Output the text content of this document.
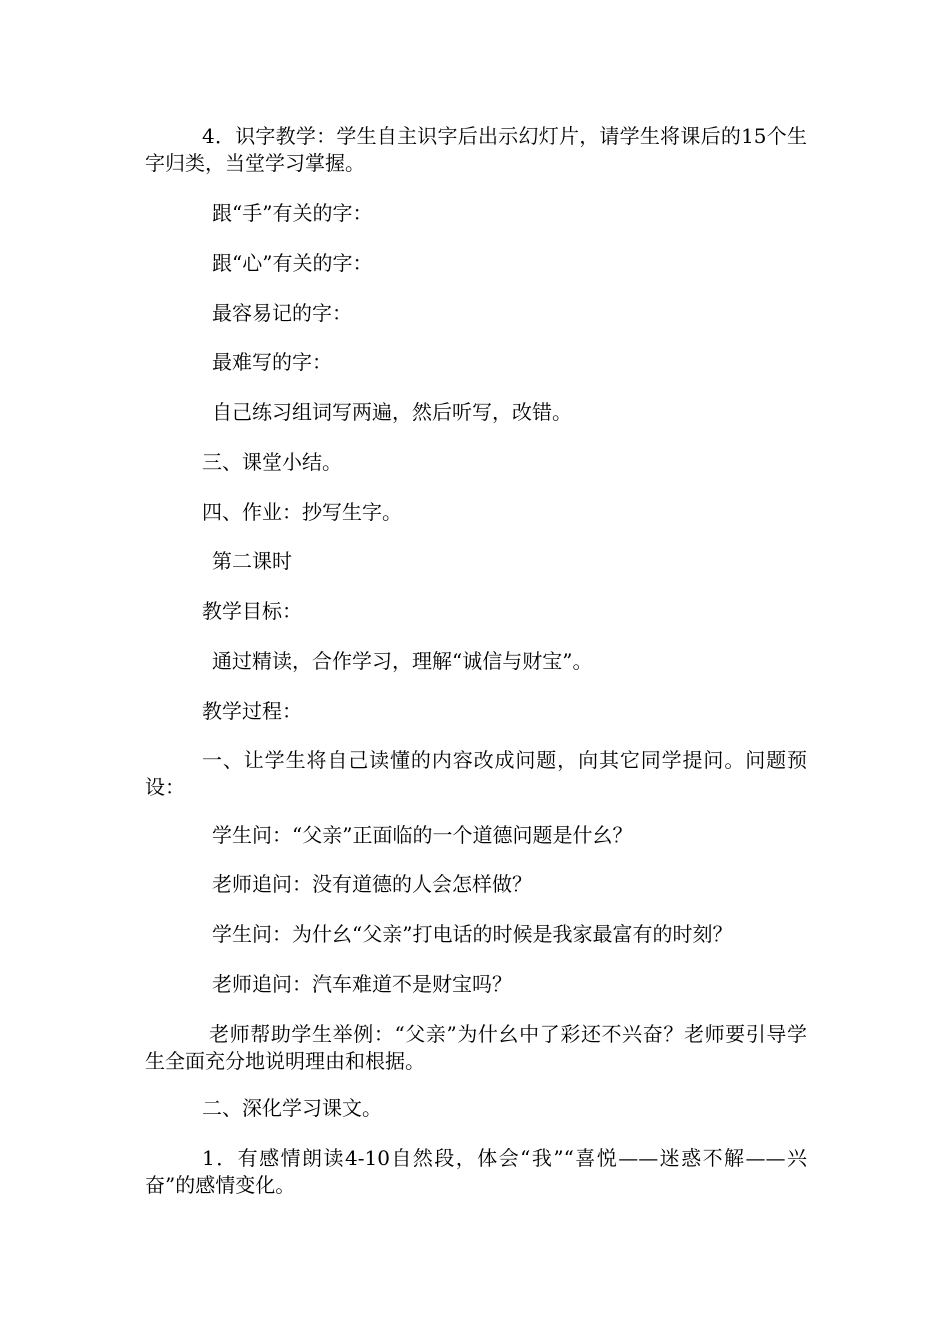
4．识字教学：学生自主识字后出示幻灯片，请学生将课后的15个生字归类，当堂学习掌握。

跟“手”有关的字：

跟“心”有关的字：

最容易记的字：

最难写的字：

自己练习组词写两遍，然后听写，改错。

三、课堂小结。

四、作业：抄写生字。

第二课时

教学目标：

通过精读，合作学习，理解“诚信与财宝”。

教学过程：

一、让学生将自己读懂的内容改成问题，向其它同学提问。问题预设：

学生问：“父亲”正面临的一个道德问题是什幺？

老师追问：没有道德的人会怎样做？

学生问：为什幺“父亲”打电话的时候是我家最富有的时刻？

老师追问：汽车难道不是财宝吗？

老师帮助学生举例：“父亲”为什幺中了彩还不兴奋？老师要引导学生全面充分地说明理由和根据。

二、深化学习课文。

1．有感情朗读4-10自然段，体会“我”“喜悦——迷惑不解——兴奋”的感情变化。
